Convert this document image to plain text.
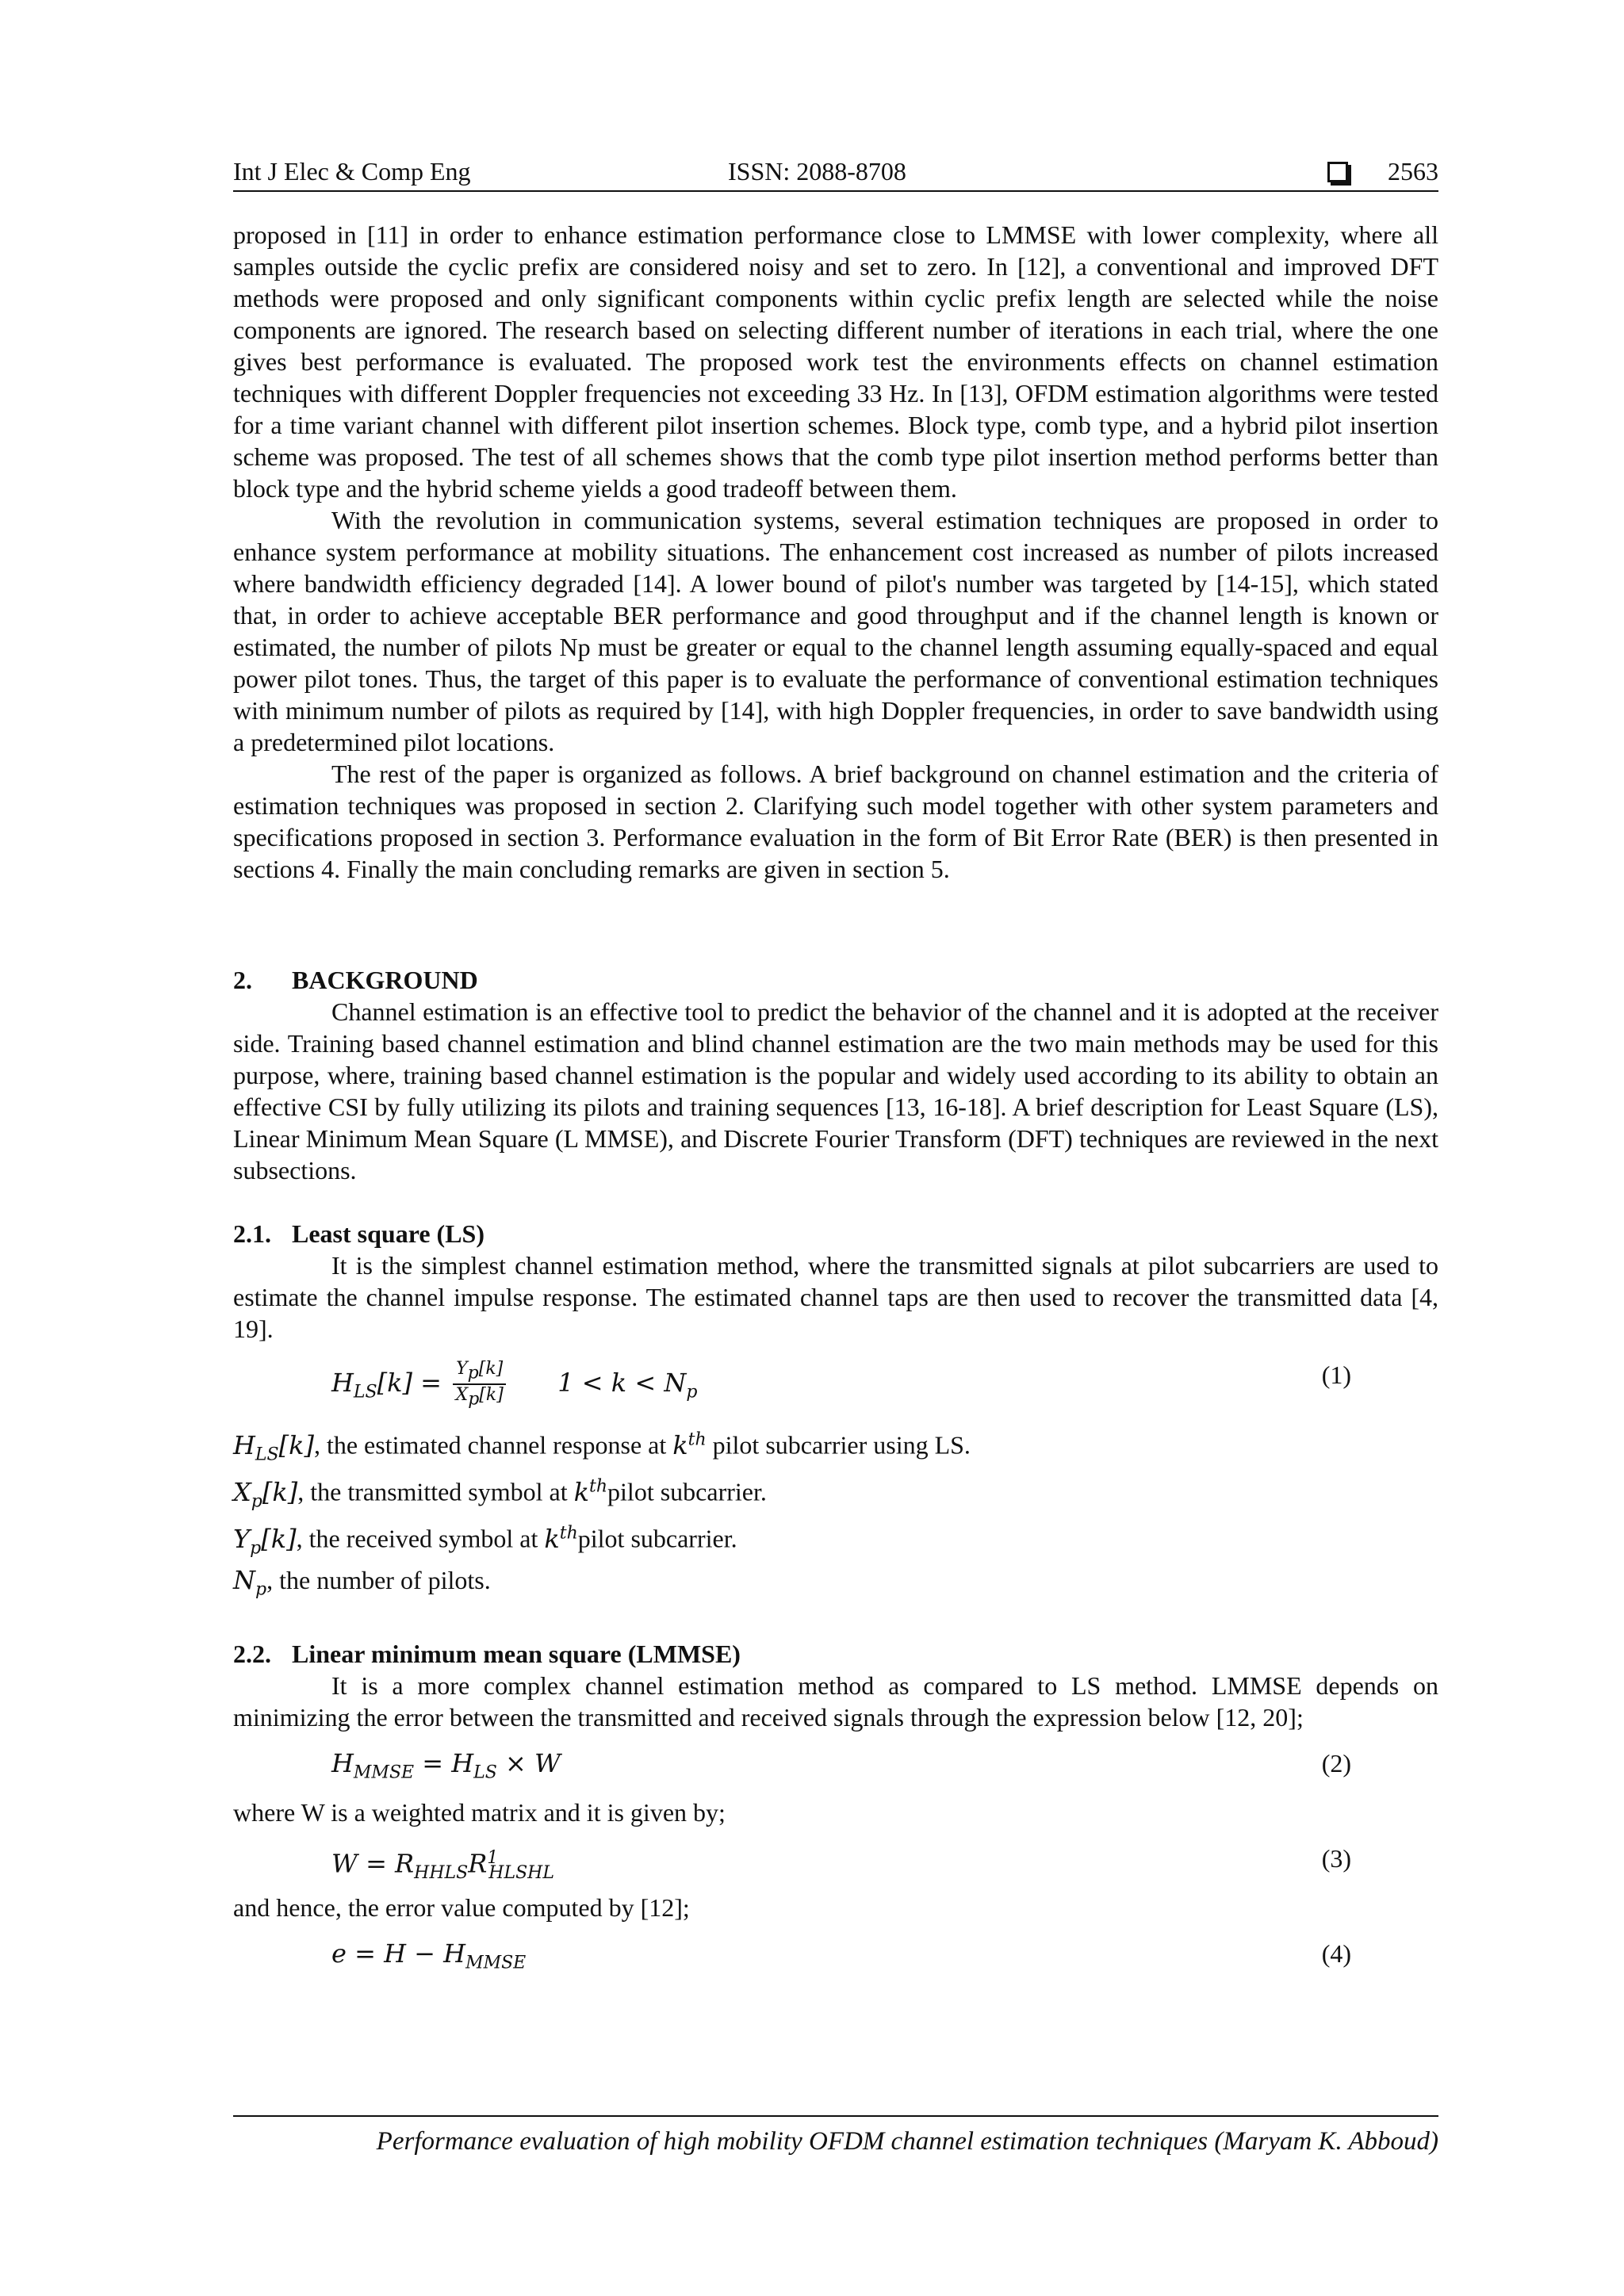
Int J Elec & Comp Eng	ISSN: 2088-8708	2563

proposed in [11] in order to enhance estimation performance close to LMMSE with lower complexity, where all samples outside the cyclic prefix are considered noisy and set to zero. In [12], a conventional and improved DFT methods were proposed and only significant components within cyclic prefix length are selected while the noise components are ignored. The research based on selecting different number of iterations in each trial, where the one gives best performance is evaluated. The proposed work test the environments effects on channel estimation techniques with different Doppler frequencies not exceeding 33 Hz. In [13], OFDM estimation algorithms were tested for a time variant channel with different pilot insertion schemes. Block type, comb type, and a hybrid pilot insertion scheme was proposed. The test of all schemes shows that the comb type pilot insertion method performs better than block type and the hybrid scheme yields a good tradeoff between them.

With the revolution in communication systems, several estimation techniques are proposed in order to enhance system performance at mobility situations. The enhancement cost increased as number of pilots increased where bandwidth efficiency degraded [14]. A lower bound of pilot's number was targeted by [14-15], which stated that, in order to achieve acceptable BER performance and good throughput and if the channel length is known or estimated, the number of pilots Np must be greater or equal to the channel length assuming equally-spaced and equal power pilot tones. Thus, the target of this paper is to evaluate the performance of conventional estimation techniques with minimum number of pilots as required by [14], with high Doppler frequencies, in order to save bandwidth using a predetermined pilot locations.

The rest of the paper is organized as follows. A brief background on channel estimation and the criteria of estimation techniques was proposed in section 2. Clarifying such model together with other system parameters and specifications proposed in section 3. Performance evaluation in the form of Bit Error Rate (BER) is then presented in sections 4. Finally the main concluding remarks are given in section 5.

2. BACKGROUND

Channel estimation is an effective tool to predict the behavior of the channel and it is adopted at the receiver side. Training based channel estimation and blind channel estimation are the two main methods may be used for this purpose, where, training based channel estimation is the popular and widely used according to its ability to obtain an effective CSI by fully utilizing its pilots and training sequences [13, 16-18]. A brief description for Least Square (LS), Linear Minimum Mean Square (L MMSE), and Discrete Fourier Transform (DFT) techniques are reviewed in the next subsections.

2.1. Least square (LS)

It is the simplest channel estimation method, where the transmitted signals at pilot subcarriers are used to estimate the channel impulse response. The estimated channel taps are then used to recover the transmitted data [4, 19].

$H_{LS}[k] = \frac{Y_p[k]}{X_p[k]} 1 < k < N_p$
(1)

$H_{LS}[k]$, the estimated channel response at $k^{th}$ pilot subcarrier using LS.

$X_p[k]$, the transmitted symbol at $k^{th}pilot$ subcarrier.

$Y_p[k]$, the received symbol at $k^{th}pilot$ subcarrier.

$N_p$, the number of pilots.

2.2. Linear minimum mean square (LMMSE)

It is a more complex channel estimation method as compared to LS method. LMMSE depends on minimizing the error between the transmitted and received signals through the expression below [12, 20];

$H_{MMSE} = H_{LS} \times W$	(2)

where W is a weighted matrix and it is given by;

$W = R_{HHLS}R^1_{HLSHL}$
(3)

and hence, the error value computed by [12];

$e = H - H_{MMSE}$	(4)
Performance evaluation of high mobility OFDM channel estimation techniques (Maryam K. Abboud)
